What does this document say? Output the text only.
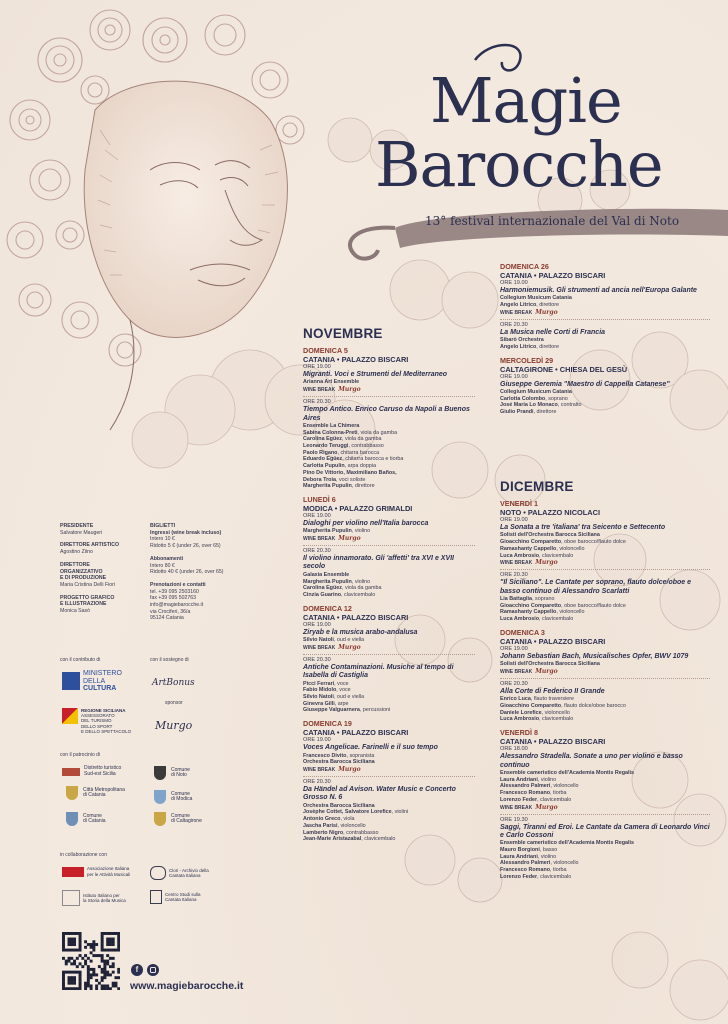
Magie
Barocche
13° festival internazionale del Val di Noto
NOVEMBRE
DOMENICA 5
CATANIA • PALAZZO BISCARI
ORE 19.00
Migranti. Voci e Strumenti del Mediterraneo
Arianna Art Ensemble
WINE BREAK Murgo
ORE 20.30
Tiempo Antico. Enrico Caruso da Napoli a Buenos Aires
Ensemble La Chimera
Sabina Colonna-Preti, viola da gamba
Carolina Egüez, viola da gamba
Leonardo Teruggi, contrabbasso
Paolo Rigano, chitarra barocca
Eduardo Egüez, chitarra barocca e tiorba
Carlotta Pupulin, arpa doppia
Pino De Vittorio, Maximiliano Baños,
Debora Troia, voci soliste
Margherita Pupulin, direttore
LUNEDÌ 6
MODICA • PALAZZO GRIMALDI
ORE 19.00
Dialoghi per violino nell'Italia barocca
Margherita Pupulin, violino
WINE BREAK Murgo
ORE 20.30
Il violino innamorato. Gli 'affetti' tra XVI e XVII secolo
Galaxia Ensemble
Margherita Pupulin, violino
Carolina Egüez, viola da gamba
Cinzia Guarino, clavicembalo
DOMENICA 12
CATANIA • PALAZZO BISCARI
ORE 19.00
Ziryab e la musica arabo-andalusa
Silvio Natoli, oud e viella
WINE BREAK Murgo
ORE 20.30
Antiche Contaminazioni. Musiche al tempo di Isabella di Castiglia
Picci Ferrari, voce
Fabio Midolo, voce
Silvio Natoli, oud e viella
Ginevra Gilli, arpe
Giuseppe Valguarnera, percussioni
DOMENICA 19
CATANIA • PALAZZO BISCARI
ORE 19.00
Voces Angelicae. Farinelli e il suo tempo
Francesco Divito, sopranista
Orchestra Barocca Siciliana
WINE BREAK Murgo
ORE 20.30
Da Händel ad Avison. Water Music e Concerto Grosso N. 6
Orchestra Barocca Siciliana
Josèphe Cottet, Salvatore Lorefice, violini
Antonio Greco, viola
Jascha Parisi, violoncello
Lamberto Nigro, contrabbasso
Jean-Marie Aristazabal, clavicembalo
DOMENICA 26
CATANIA • PALAZZO BISCARI
ORE 19.00
Harmoniemusik. Gli strumenti ad ancia nell'Europa Galante
Collegium Musicum Catania
Angelo Litrico, direttore
WINE BREAK Murgo
ORE 20.30
La Musica nelle Corti di Francia
Sibarò Orchestra
Angelo Litrico, direttore
MERCOLEDÌ 29
CALTAGIRONE • CHIESA DEL GESÙ
ORE 19.00
Giuseppe Geremia "Maestro di Cappella Catanese"
Collegium Musicum Catania
Carlotta Colombo, soprano
José Maria Lo Monaco, contralto
Giulio Prandi, direttore
DICEMBRE
VENERDÌ 1
NOTO • PALAZZO NICOLACI
ORE 19.00
La Sonata a tre 'italiana' tra Seicento e Settecento
Solisti dell'Orchestra Barocca Siciliana
Gioacchino Comparetto, oboe barocco/flauto dolce
Ramashanty Cappello, violoncello
Luca Ambrosio, clavicembalo
WINE BREAK Murgo
ORE 20.30
"Il Siciliano". Le Cantate per soprano, flauto dolce/oboe e basso continuo di Alessandro Scarlatti
Lia Battaglia, soprano
Gioacchino Comparetto, oboe barocco/flauto dolce
Ramashanty Cappello, violoncello
Luca Ambrosio, clavicembalo
DOMENICA 3
CATANIA • PALAZZO BISCARI
ORE 19.00
Johann Sebastian Bach, Musicalisches Opfer, BWV 1079
Solisti dell'Orchestra Barocca Siciliana
WINE BREAK Murgo
ORE 20.30
Alla Corte di Federico II Grande
Enrico Luca, flauto traversiere
Gioacchino Comparetto, flauto dolce/oboe barocco
Daniele Lorefice, violoncello
Luca Ambrosio, clavicembalo
VENERDÌ 8
CATANIA • PALAZZO BISCARI
ORE 18.00
Alessandro Stradella. Sonate a uno per violino e basso continuo
Ensemble cameristico dell'Academia Montis Regalis
Laura Andriani, violino
Alessandro Palmeri, violoncello
Francesco Romano, tiorba
Lorenzo Feder, clavicembalo
WINE BREAK Murgo
ORE 19.30
Saggi, Tiranni ed Eroi. Le Cantate da Camera di Leonardo Vinci e Carlo Cossoni
Ensemble cameristico dell'Academia Montis Regalis
Mauro Borgioni, basso
Laura Andriani, violino
Alessandro Palmeri, violoncello
Francesco Romano, tiorba
Lorenzo Feder, clavicembalo
PRESIDENTE
Salvatore Maugeri
DIRETTORE ARTISTICO
Agostino Ziino
DIRETTORE
ORGANIZZATIVO
E DI PRODUZIONE
Maria Cristina Delli Fiori
PROGETTO GRAFICO
E ILLUSTRAZIONE
Monica Sasò
BIGLIETTI
Ingressi (wine break incluso)
Intero 10 €
Ridotto 5 € (under 26, over 65)
Abbonamenti
Intero 80 €
Ridotto 40 € (under 26, over 65)
Prenotazioni e contatti
tel. +39 095 2503160
fax +39 095 502763
info@magiebarocche.it
via Crociferi, 36/a
95124 Catania
con il contributo di	con il sostegno di
MINISTERO
DELLA
CULTURA
ArtBonus
sponsor
Murgo
REGIONE SICILIANA
ASSESSORATO
DEL TURISMO
DELLO SPORT
E DELLO SPETTACOLO
con il patrocinio di
Distretto turistico
Sud-est Sicilia
Città Metropolitana
di Catania
Comune
di Catania
Comune
di Noto
Comune
di Modica
Comune
di Caltagirone
in collaborazione con
Associazione Italiana
per le Attività Musicali
Istituto Italiano per
la Storia della Musica
Clori - Archivio della
Cantata Italiana
Centro Studi sulla
Cantata Italiana
f
www.magiebarocche.it
